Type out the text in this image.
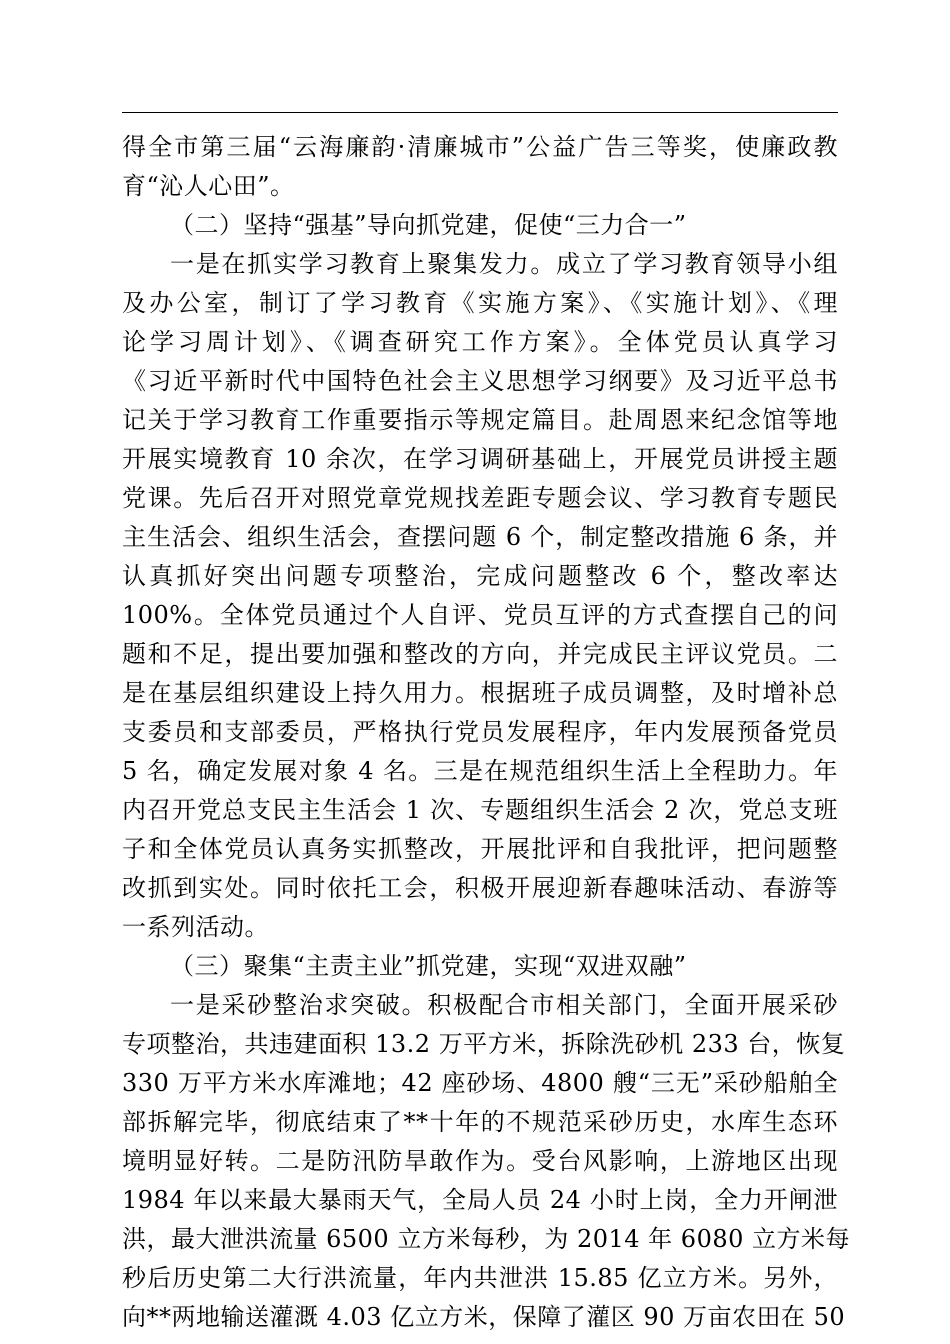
得全市第三届“云海廉韵·清廉城市”公益广告三等奖，使廉政教
育“沁人心田”。
（二）坚持“强基”导向抓党建，促使“三力合一”
一是在抓实学习教育上聚集发力。成立了学习教育领导小组
及办公室，制订了学习教育《实施方案》、《实施计划》、《理
论学习周计划》、《调查研究工作方案》。全体党员认真学习
《习近平新时代中国特色社会主义思想学习纲要》及习近平总书
记关于学习教育工作重要指示等规定篇目。赴周恩来纪念馆等地
开展实境教育 10 余次，在学习调研基础上，开展党员讲授主题
党课。先后召开对照党章党规找差距专题会议、学习教育专题民
主生活会、组织生活会，查摆问题 6 个，制定整改措施 6 条，并
认真抓好突出问题专项整治，完成问题整改 6 个，整改率达
100%。全体党员通过个人自评、党员互评的方式查摆自己的问
题和不足，提出要加强和整改的方向，并完成民主评议党员。二
是在基层组织建设上持久用力。根据班子成员调整，及时增补总
支委员和支部委员，严格执行党员发展程序，年内发展预备党员
5 名，确定发展对象 4 名。三是在规范组织生活上全程助力。年
内召开党总支民主生活会 1 次、专题组织生活会 2 次，党总支班
子和全体党员认真务实抓整改，开展批评和自我批评，把问题整
改抓到实处。同时依托工会，积极开展迎新春趣味活动、春游等
一系列活动。
（三）聚集“主责主业”抓党建，实现“双进双融”
一是采砂整治求突破。积极配合市相关部门，全面开展采砂
专项整治，共违建面积 13.2 万平方米，拆除洗砂机 233 台，恢复
330 万平方米水库滩地；42 座砂场、4800 艘“三无”采砂船舶全
部拆解完毕，彻底结束了**十年的不规范采砂历史，水库生态环
境明显好转。二是防汛防旱敢作为。受台风影响，上游地区出现
1984 年以来最大暴雨天气，全局人员 24 小时上岗，全力开闸泄
洪，最大泄洪流量 6500 立方米每秒，为 2014 年 6080 立方米每
秒后历史第二大行洪流量，年内共泄洪 15.85 亿立方米。另外，
向**两地输送灌溉 4.03 亿立方米，保障了灌区 90 万亩农田在 50
